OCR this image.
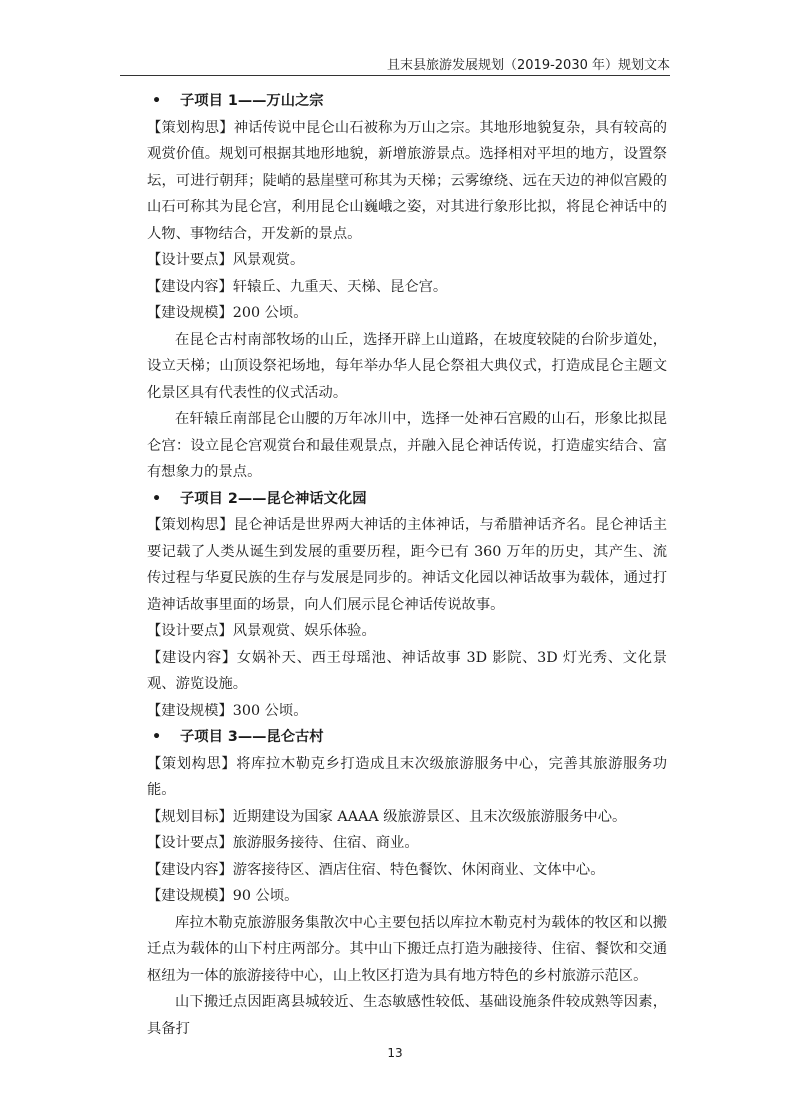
且末县旅游发展规划（2019-2030 年）规划文本
• 子项目 1——万山之宗

【策划构思】神话传说中昆仑山石被称为万山之宗。其地形地貌复杂，具有较高的观赏价值。规划可根据其地形地貌，新增旅游景点。选择相对平坦的地方，设置祭坛，可进行朝拜；陡峭的悬崖壁可称其为天梯；云雾缭绕、远在天边的神似宫殿的山石可称其为昆仑宫，利用昆仑山巍峨之姿，对其进行象形比拟，将昆仑神话中的人物、事物结合，开发新的景点。

【设计要点】风景观赏。

【建设内容】轩辕丘、九重天、天梯、昆仑宫。

【建设规模】200 公顷。

在昆仑古村南部牧场的山丘，选择开辟上山道路，在坡度较陡的台阶步道处，设立天梯；山顶设祭祀场地，每年举办华人昆仑祭祖大典仪式，打造成昆仑主题文化景区具有代表性的仪式活动。

在轩辕丘南部昆仑山腰的万年冰川中，选择一处神石宫殿的山石，形象比拟昆仑宫：设立昆仑宫观赏台和最佳观景点，并融入昆仑神话传说，打造虚实结合、富有想象力的景点。

• 子项目 2——昆仑神话文化园

【策划构思】昆仑神话是世界两大神话的主体神话，与希腊神话齐名。昆仑神话主要记载了人类从诞生到发展的重要历程，距今已有 360 万年的历史，其产生、流传过程与华夏民族的生存与发展是同步的。神话文化园以神话故事为载体，通过打造神话故事里面的场景，向人们展示昆仑神话传说故事。

【设计要点】风景观赏、娱乐体验。

【建设内容】女娲补天、西王母瑶池、神话故事 3D 影院、3D 灯光秀、文化景观、游览设施。

【建设规模】300 公顷。

• 子项目 3——昆仑古村

【策划构思】将库拉木勒克乡打造成且末次级旅游服务中心，完善其旅游服务功能。

【规划目标】近期建设为国家 AAAA 级旅游景区、且末次级旅游服务中心。

【设计要点】旅游服务接待、住宿、商业。

【建设内容】游客接待区、酒店住宿、特色餐饮、休闲商业、文体中心。

【建设规模】90 公顷。

库拉木勒克旅游服务集散次中心主要包括以库拉木勒克村为载体的牧区和以搬迁点为载体的山下村庄两部分。其中山下搬迁点打造为融接待、住宿、餐饮和交通枢纽为一体的旅游接待中心，山上牧区打造为具有地方特色的乡村旅游示范区。

山下搬迁点因距离县城较近、生态敏感性较低、基础设施条件较成熟等因素，具备打

13
